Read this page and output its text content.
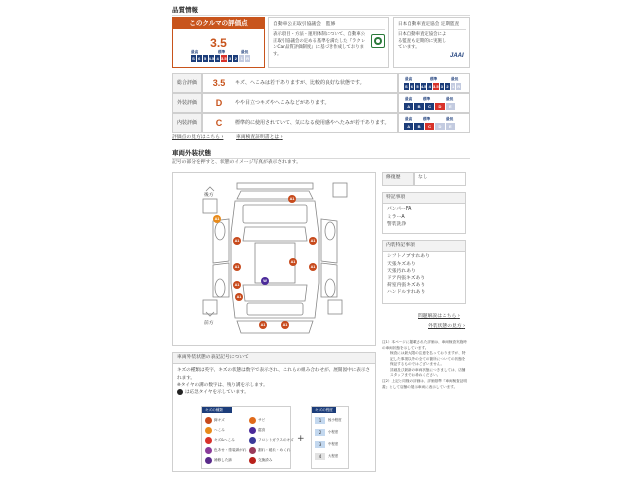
品質情報
このクルマの評価点
3.5
最高	標準	最低
S 6 5 4.5 4 3.5 3 2 1 R
自動車公正取引協議会　監修
表示項目・方法・運用体制について、自動車公正取引協議会の定める基準を満たした『ラクレンCar品質評価制度』に基づき作成しております。
日本自動車査定協会 定期監査
日本自動車査定協会による監査も定期的に実施しています。
JAAI
総合評価	3.5	キズ、へこみは若干ありますが、比較的良好な状態です。
最高	標準	最低
S 6 5 4.5 4 3.5 3 2 1 R
外装評価	D	やや目立つキズやへこみなどがあります。
最高	標準	最低
A	B	C	D	E
内装評価	C	標準的に使用されていて、気になる使用感やへたみが若干あります。
最高	標準	最低
A	B	C	D	E
評価点の見方はこちら ›	車両検査証明書とは ›
車両外装状態
記号の部分を押すと、状態のイメージ写真が表示されます。
後方
前方
A1
A1
A1	A1
A1	A1
A1
A1
W
A1
A1	A1
修復歴	なし
特記事項
バンパーFA
ミラーA
警装洗浄
内装特記事項
シフトノブすれあり
天張キズあり
天張汚れあり
ドア内張キズあり
荷室内張キズあり
ハンドルすれあり
問題解説はこちら ›
外装状態の見方 ›
注1）本ページに掲載された評価は、車両検査実施時の車両状態を示しています。
検査には最大限の注意を払っておりますが、特記した事項以外の全ての箇所についての状態を保証するものではございません。
詳細及び最新の車両状態につきましては、店舗スタッフまでお尋ねください。
注2）上記と同様の評価は、評価基準『車両検査証明書』として店舗の展示車両に表示しています。
車両外装状態の表記記号について
キズの種類は英字、キズの状態は数字で表示され、これらの組み合わせが、展開図中に表示されます。
※タイヤの溝の数字は、残り溝を示します。
は応急タイヤを示しています。
キズの種類
線キズ
へこみ
キズ&へこみ
色あせ・塗装剥がれ
補修した跡
サビ
腐食
フロントガラスのキズ
割れ・破れ・めくれ
交換済み
+
キズの程度
1	極小程度
2	小程度
3	中程度
4	大程度
